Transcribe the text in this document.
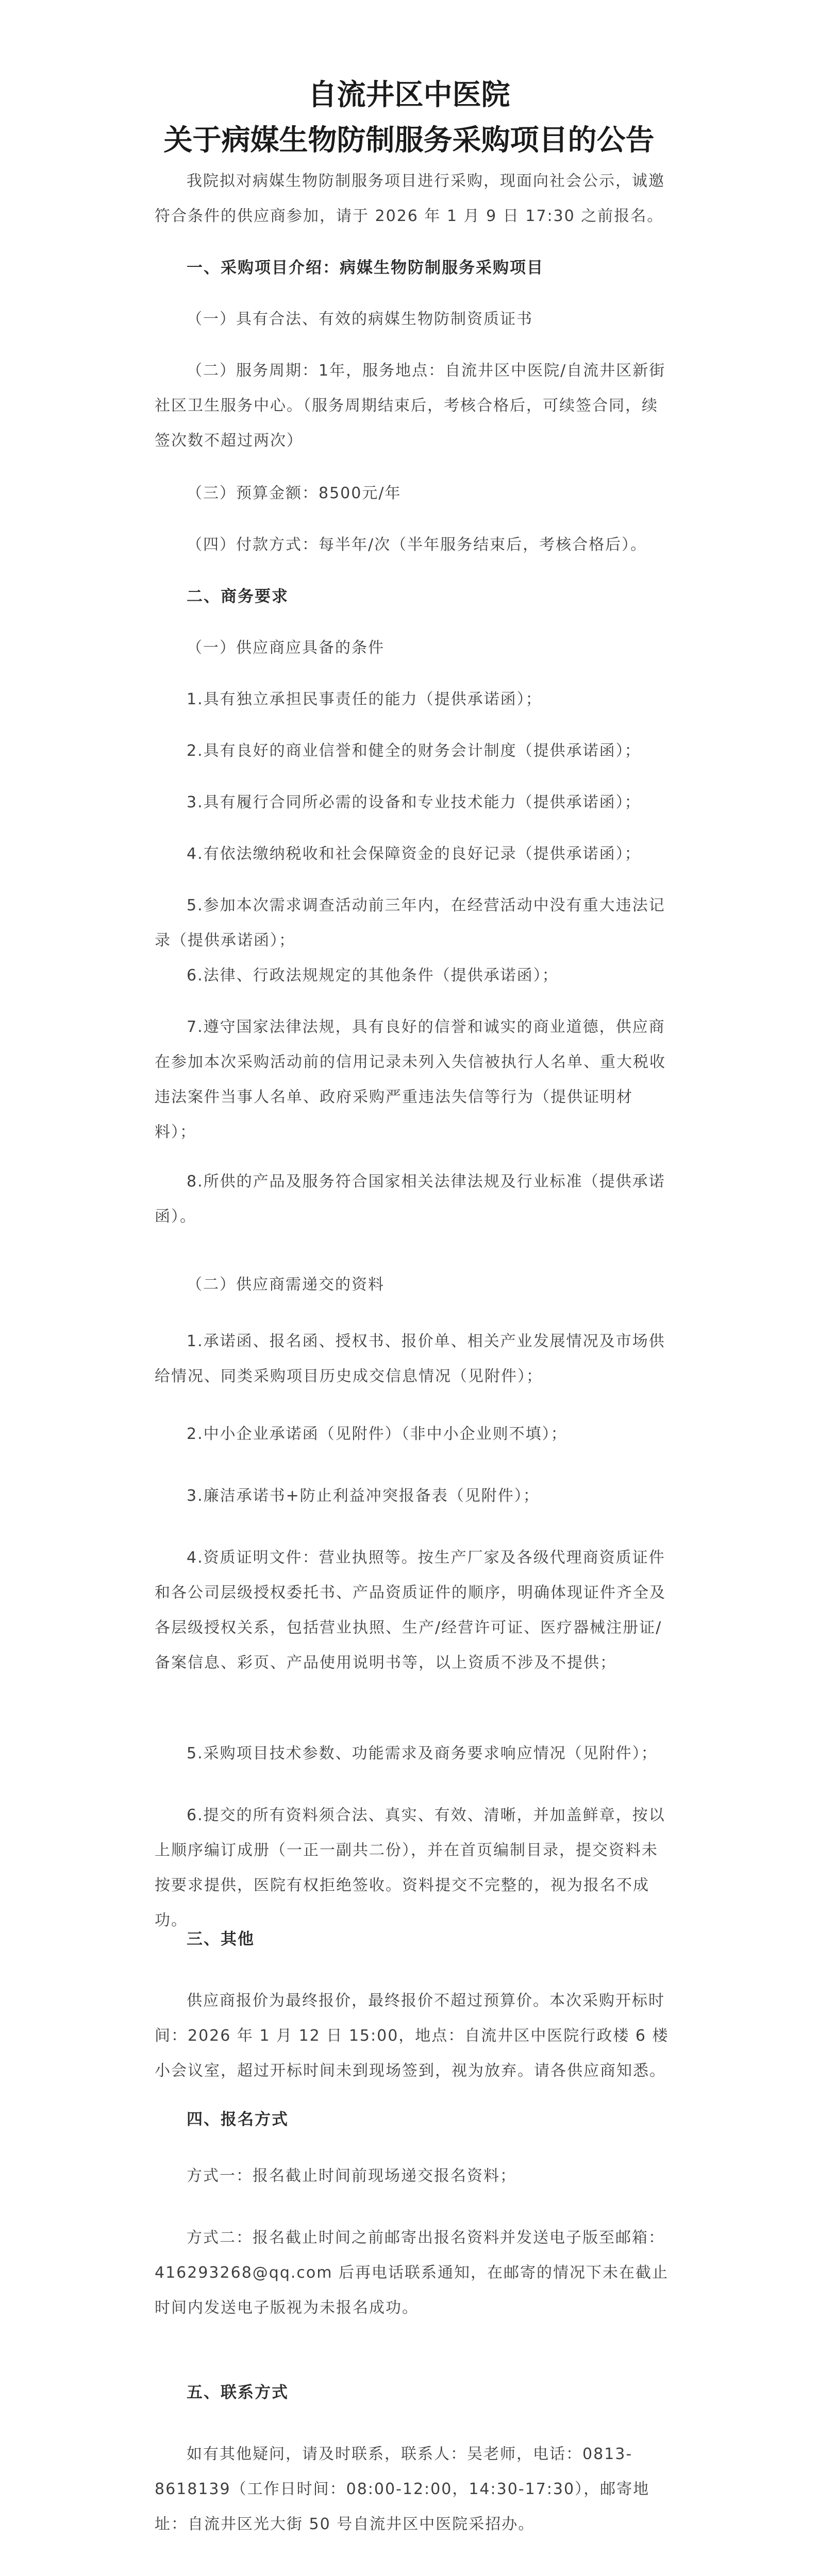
自流井区中医院
关于病媒生物防制服务采购项目的公告

我院拟对病媒生物防制服务项目进行采购，现面向社会公示，诚邀符合条件的供应商参加，请于 2026 年 1 月 9 日 17:30 之前报名。

一、采购项目介绍：病媒生物防制服务采购项目

（一）具有合法、有效的病媒生物防制资质证书

（二）服务周期：1年，服务地点：自流井区中医院/自流井区新街社区卫生服务中心。（服务周期结束后，考核合格后，可续签合同，续签次数不超过两次）

（三）预算金额：8500元/年

（四）付款方式：每半年/次（半年服务结束后，考核合格后）。

二、商务要求

（一）供应商应具备的条件

1.具有独立承担民事责任的能力（提供承诺函）；

2.具有良好的商业信誉和健全的财务会计制度（提供承诺函）；

3.具有履行合同所必需的设备和专业技术能力（提供承诺函）；

4.有依法缴纳税收和社会保障资金的良好记录（提供承诺函）；

5.参加本次需求调查活动前三年内，在经营活动中没有重大违法记录（提供承诺函）；

6.法律、行政法规规定的其他条件（提供承诺函）；

7.遵守国家法律法规，具有良好的信誉和诚实的商业道德，供应商在参加本次采购活动前的信用记录未列入失信被执行人名单、重大税收违法案件当事人名单、政府采购严重违法失信等行为（提供证明材料）；

8.所供的产品及服务符合国家相关法律法规及行业标准（提供承诺函）。

（二）供应商需递交的资料

1.承诺函、报名函、授权书、报价单、相关产业发展情况及市场供给情况、同类采购项目历史成交信息情况（见附件）；

2.中小企业承诺函（见附件）（非中小企业则不填）；

3.廉洁承诺书+防止利益冲突报备表（见附件）；

4.资质证明文件：营业执照等。按生产厂家及各级代理商资质证件和各公司层级授权委托书、产品资质证件的顺序，明确体现证件齐全及各层级授权关系，包括营业执照、生产/经营许可证、医疗器械注册证/备案信息、彩页、产品使用说明书等，以上资质不涉及不提供；

5.采购项目技术参数、功能需求及商务要求响应情况（见附件）；

6.提交的所有资料须合法、真实、有效、清晰，并加盖鲜章，按以上顺序编订成册（一正一副共二份），并在首页编制目录，提交资料未按要求提供，医院有权拒绝签收。资料提交不完整的，视为报名不成功。

三、其他

供应商报价为最终报价，最终报价不超过预算价。本次采购开标时间：2026 年 1 月 12 日 15:00，地点：自流井区中医院行政楼 6 楼小会议室，超过开标时间未到现场签到，视为放弃。请各供应商知悉。

四、报名方式

方式一：报名截止时间前现场递交报名资料；

方式二：报名截止时间之前邮寄出报名资料并发送电子版至邮箱：416293268@qq.com 后再电话联系通知，在邮寄的情况下未在截止时间内发送电子版视为未报名成功。

五、联系方式

如有其他疑问，请及时联系，联系人：吴老师，电话：0813-8618139（工作日时间：08:00-12:00，14:30-17:30），邮寄地址：自流井区光大街 50 号自流井区中医院采招办。
